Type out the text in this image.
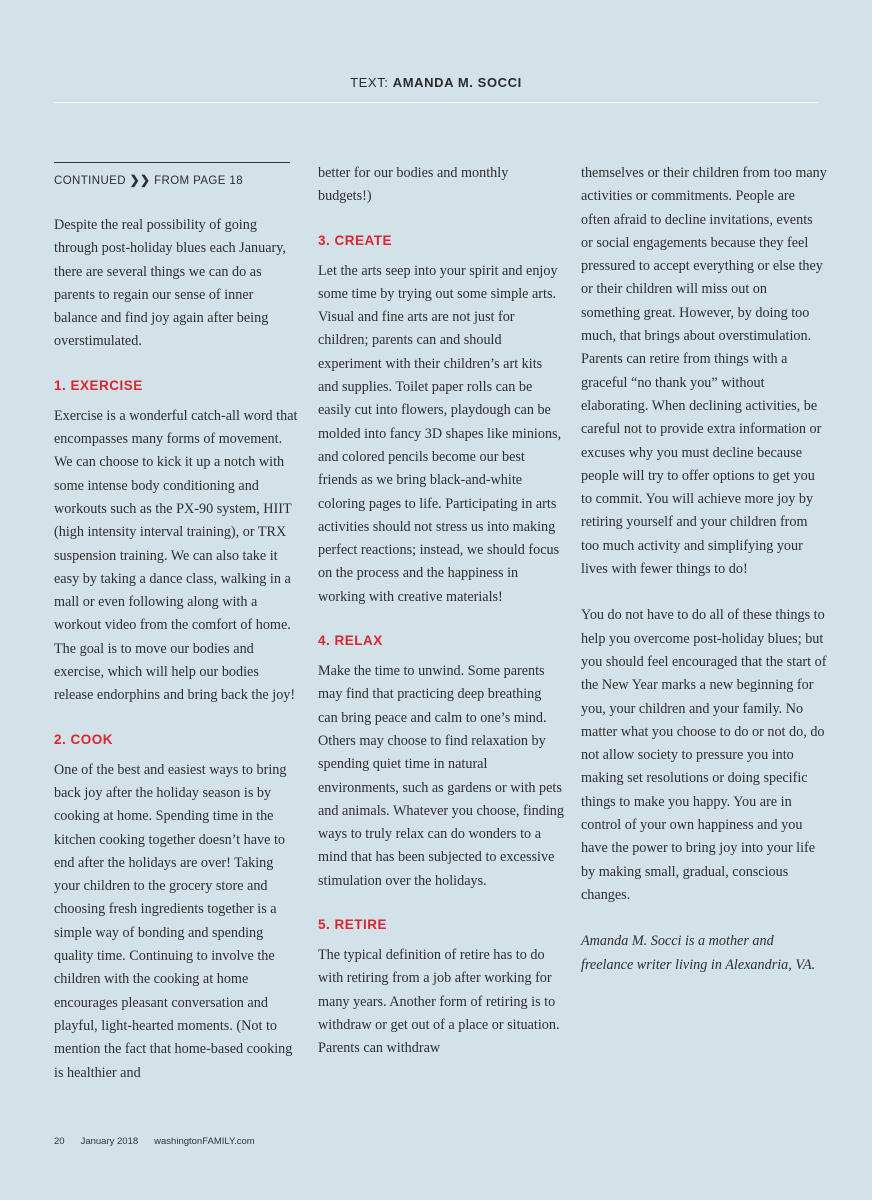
TEXT: AMANDA M. SOCCI
CONTINUED ❯❯ FROM PAGE 18

Despite the real possibility of going through post-holiday blues each January, there are several things we can do as parents to regain our sense of inner balance and find joy again after being overstimulated.

1. EXERCISE

Exercise is a wonderful catch-all word that encompasses many forms of movement. We can choose to kick it up a notch with some intense body conditioning and workouts such as the PX-90 system, HIIT (high intensity interval training), or TRX suspension training. We can also take it easy by taking a dance class, walking in a mall or even following along with a workout video from the comfort of home. The goal is to move our bodies and exercise, which will help our bodies release endorphins and bring back the joy!

2. COOK

One of the best and easiest ways to bring back joy after the holiday season is by cooking at home. Spending time in the kitchen cooking together doesn’t have to end after the holidays are over! Taking your children to the grocery store and choosing fresh ingredients together is a simple way of bonding and spending quality time. Continuing to involve the children with the cooking at home encourages pleasant conversation and playful, light-hearted moments. (Not to mention the fact that home-based cooking is healthier and

better for our bodies and monthly budgets!)

3. CREATE

Let the arts seep into your spirit and enjoy some time by trying out some simple arts. Visual and fine arts are not just for children; parents can and should experiment with their children’s art kits and supplies. Toilet paper rolls can be easily cut into flowers, playdough can be molded into fancy 3D shapes like minions, and colored pencils become our best friends as we bring black-and-white coloring pages to life. Participating in arts activities should not stress us into making perfect reactions; instead, we should focus on the process and the happiness in working with creative materials!

4. RELAX

Make the time to unwind. Some parents may find that practicing deep breathing can bring peace and calm to one’s mind. Others may choose to find relaxation by spending quiet time in natural environments, such as gardens or with pets and animals. Whatever you choose, finding ways to truly relax can do wonders to a mind that has been subjected to excessive stimulation over the holidays.

5. RETIRE

The typical definition of retire has to do with retiring from a job after working for many years. Another form of retiring is to withdraw or get out of a place or situation. Parents can withdraw

themselves or their children from too many activities or commitments. People are often afraid to decline invitations, events or social engagements because they feel pressured to accept everything or else they or their children will miss out on something great. However, by doing too much, that brings about overstimulation. Parents can retire from things with a graceful “no thank you” without elaborating. When declining activities, be careful not to provide extra information or excuses why you must decline because people will try to offer options to get you to commit. You will achieve more joy by retiring yourself and your children from too much activity and simplifying your lives with fewer things to do!

You do not have to do all of these things to help you overcome post-holiday blues; but you should feel encouraged that the start of the New Year marks a new beginning for you, your children and your family. No matter what you choose to do or not do, do not allow society to pressure you into making set resolutions or doing specific things to make you happy. You are in control of your own happiness and you have the power to bring joy into your life by making small, gradual, conscious changes.

Amanda M. Socci is a mother and freelance writer living in Alexandria, VA.

20 January 2018 washingtonFAMILY.com
